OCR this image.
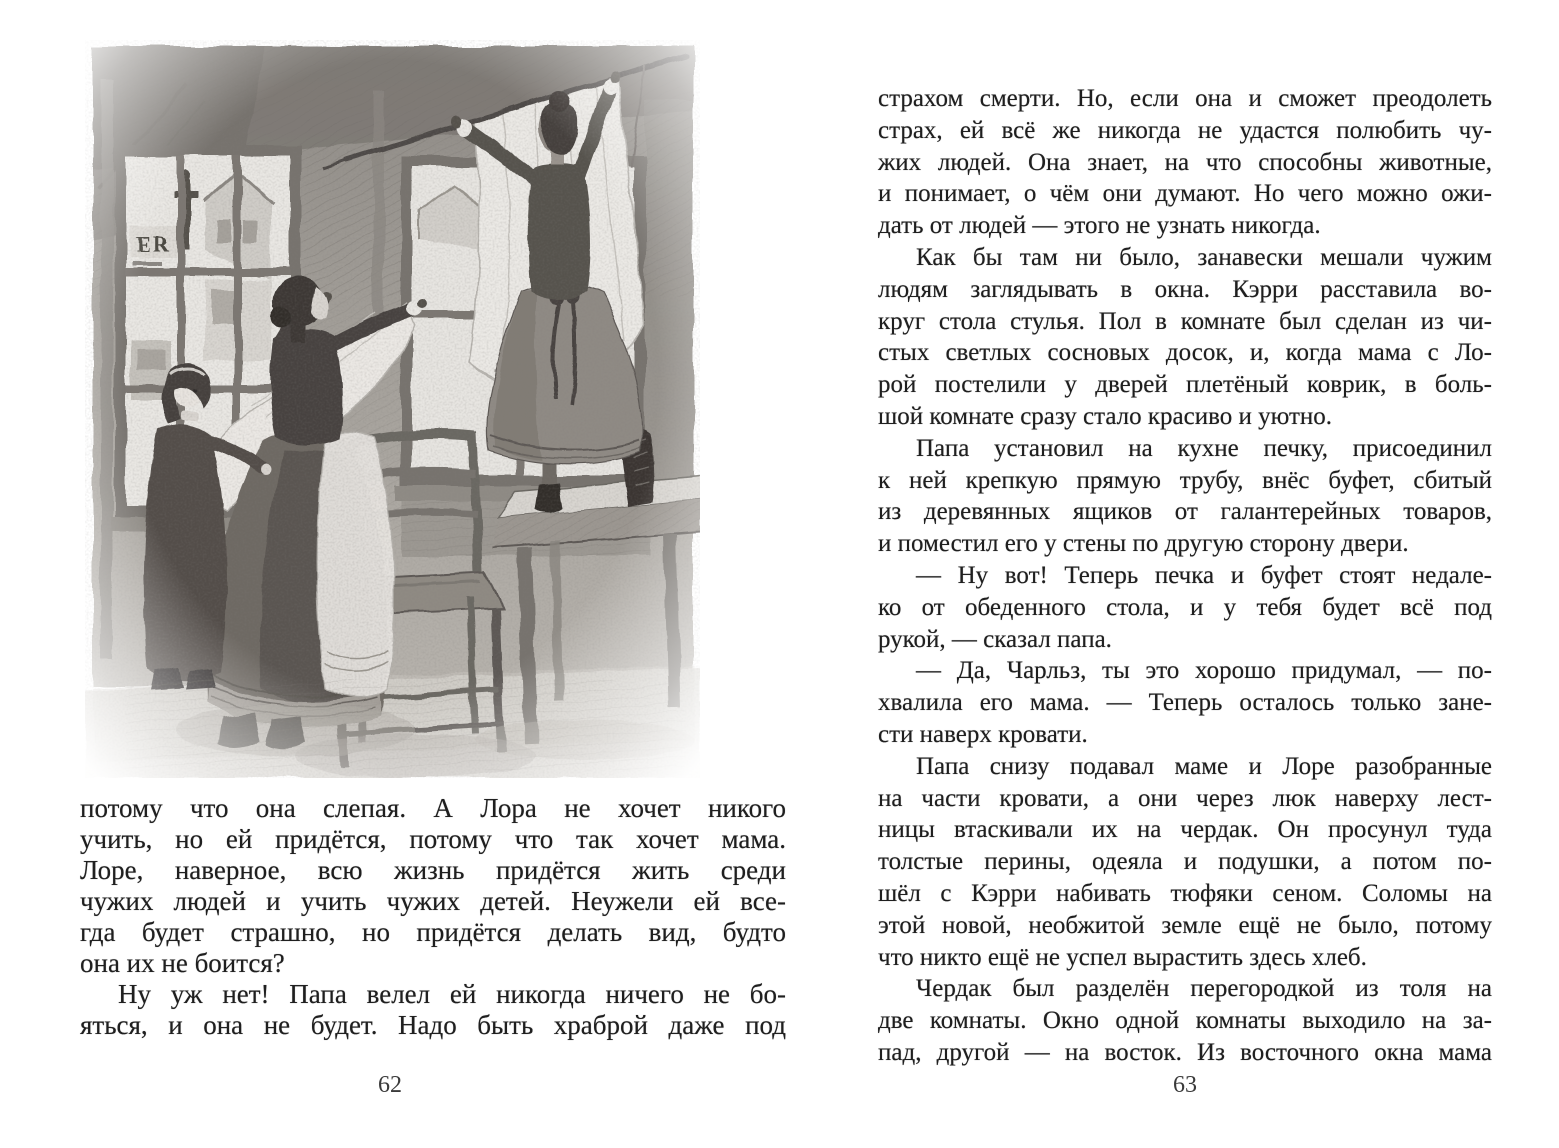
потому что она слепая. А Лора не хочет никого
учить, но ей придётся, потому что так хочет мама.
Лоре, наверное, всю жизнь придётся жить среди
чужих людей и учить чужих детей. Неужели ей все-
гда будет страшно, но придётся делать вид, будто
она их не боится?
Ну уж нет! Папа велел ей никогда ничего не бо-
яться, и она не будет. Надо быть храброй даже под
62
страхом смерти. Но, если она и сможет преодолеть
страх, ей всё же никогда не удастся полюбить чу-
жих людей. Она знает, на что способны животные,
и понимает, о чём они думают. Но чего можно ожи-
дать от людей — этого не узнать никогда.
Как бы там ни было, занавески мешали чужим
людям заглядывать в окна. Кэрри расставила во-
круг стола стулья. Пол в комнате был сделан из чи-
стых светлых сосновых досок, и, когда мама с Ло-
рой постелили у дверей плетёный коврик, в боль-
шой комнате сразу стало красиво и уютно.
Папа установил на кухне печку, присоединил
к ней крепкую прямую трубу, внёс буфет, сбитый
из деревянных ящиков от галантерейных товаров,
и поместил его у стены по другую сторону двери.
— Ну вот! Теперь печка и буфет стоят недале-
ко от обеденного стола, и у тебя будет всё под
рукой, — сказал папа.
— Да, Чарльз, ты это хорошо придумал, — по-
хвалила его мама. — Теперь осталось только зане-
сти наверх кровати.
Папа снизу подавал маме и Лоре разобранные
на части кровати, а они через люк наверху лест-
ницы втаскивали их на чердак. Он просунул туда
толстые перины, одеяла и подушки, а потом по-
шёл с Кэрри набивать тюфяки сеном. Соломы на
этой новой, необжитой земле ещё не было, потому
что никто ещё не успел вырастить здесь хлеб.
Чердак был разделён перегородкой из толя на
две комнаты. Окно одной комнаты выходило на за-
пад, другой — на восток. Из восточного окна мама
63
